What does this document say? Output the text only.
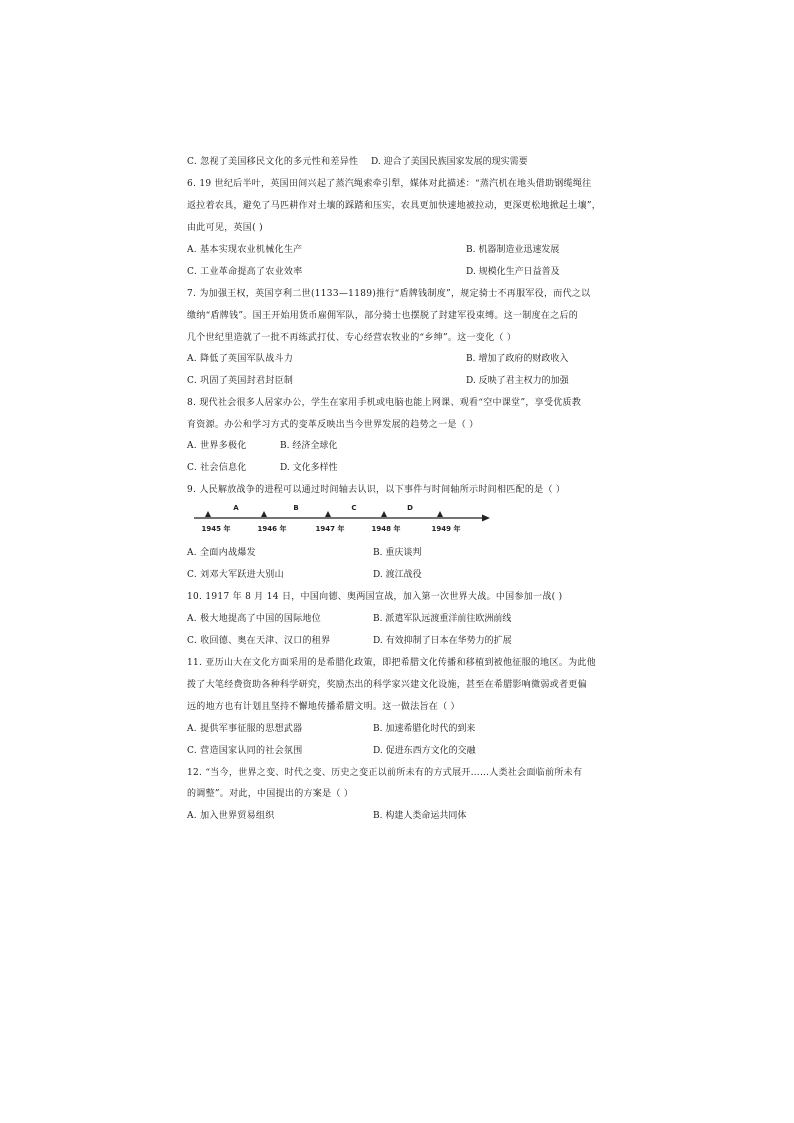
C. 忽视了美国移民文化的多元性和差异性 D. 迎合了美国民族国家发展的现实需要
6. 19 世纪后半叶，英国田间兴起了蒸汽绳索牵引犁，媒体对此描述：“蒸汽机在地头借助钢缆绳往
返拉着农具，避免了马匹耕作对土壤的踩踏和压实，农具更加快速地被拉动，更深更松地掀起土壤”，
由此可见，英国( )
A. 基本实现农业机械化生产	B. 机器制造业迅速发展
C. 工业革命提高了农业效率	D. 规模化生产日益普及
7. 为加强王权，英国亨利二世(1133—1189)推行“盾牌钱制度”，规定骑士不再服军役，而代之以
缴纳“盾牌钱”。国王开始用货币雇佣军队，部分骑士也摆脱了封建军役束缚。这一制度在之后的
几个世纪里造就了一批不再练武打仗、专心经营农牧业的“乡绅”。这一变化（ ）
A. 降低了英国军队战斗力	B. 增加了政府的财政收入
C. 巩固了英国封君封臣制	D. 反映了君主权力的加强
8. 现代社会很多人居家办公，学生在家用手机或电脑也能上网课、观看“空中课堂”，享受优质教
育资源。办公和学习方式的变革反映出当今世界发展的趋势之一是（ ）
A. 世界多极化	B. 经济全球化
C. 社会信息化	D. 文化多样性
9. 人民解放战争的进程可以通过时间轴去认识，以下事件与时间轴所示时间相匹配的是（ ）
A	B	C	D
1945 年	1946 年	1947 年	1948 年	1949 年
A. 全面内战爆发	B. 重庆谈判
C. 刘邓大军跃进大别山	D. 渡江战役
10. 1917 年 8 月 14 日，中国向德、奥两国宣战，加入第一次世界大战。中国参加一战( )
A. 极大地提高了中国的国际地位	B. 派遣军队远渡重洋前往欧洲前线
C. 收回德、奥在天津、汉口的租界	D. 有效抑制了日本在华势力的扩展
11. 亚历山大在文化方面采用的是希腊化政策，即把希腊文化传播和移植到被他征服的地区。为此他
拨了大笔经费资助各种科学研究，奖励杰出的科学家兴建文化设施，甚至在希腊影响微弱或者更偏
远的地方也有计划且坚持不懈地传播希腊文明。这一做法旨在（ ）
A. 提供军事征服的思想武器	B. 加速希腊化时代的到来
C. 营造国家认同的社会氛围	D. 促进东西方文化的交融
12. “当今，世界之变、时代之变、历史之变正以前所未有的方式展开……人类社会面临前所未有
的调整”。对此，中国提出的方案是（ ）
A. 加入世界贸易组织	B. 构建人类命运共同体
